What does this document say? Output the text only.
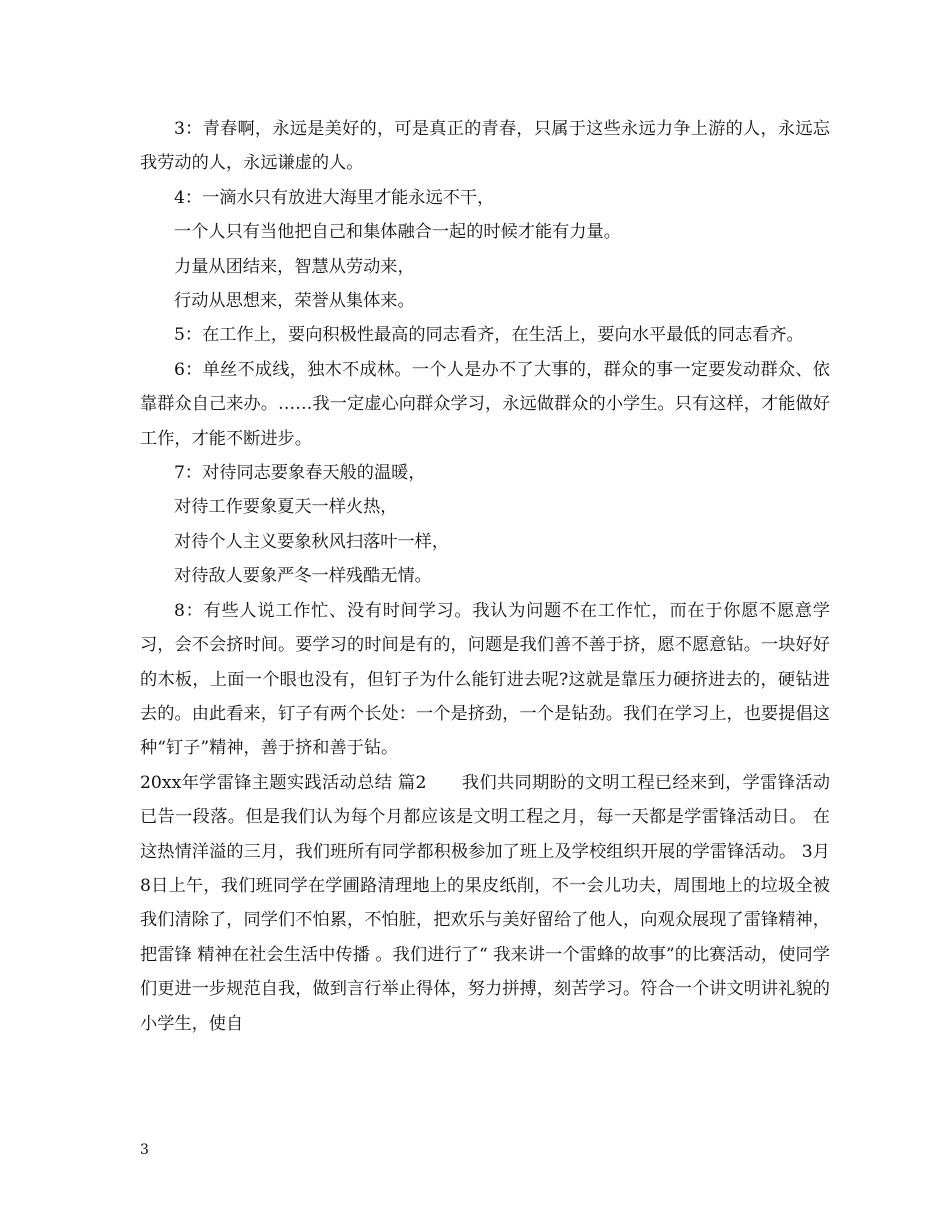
3：青春啊，永远是美好的，可是真正的青春，只属于这些永远力争上游的人，永远忘我劳动的人，永远谦虚的人。

4：一滴水只有放进大海里才能永远不干，

一个人只有当他把自己和集体融合一起的时候才能有力量。

力量从团结来，智慧从劳动来，

行动从思想来，荣誉从集体来。

5：在工作上，要向积极性最高的同志看齐，在生活上，要向水平最低的同志看齐。

6：单丝不成线，独木不成林。一个人是办不了大事的，群众的事一定要发动群众、依靠群众自己来办。……我一定虚心向群众学习，永远做群众的小学生。只有这样，才能做好工作，才能不断进步。

7：对待同志要象春天般的温暖，

对待工作要象夏天一样火热，

对待个人主义要象秋风扫落叶一样，

对待敌人要象严冬一样残酷无情。

8：有些人说工作忙、没有时间学习。我认为问题不在工作忙，而在于你愿不愿意学习，会不会挤时间。要学习的时间是有的，问题是我们善不善于挤，愿不愿意钻。一块好好的木板，上面一个眼也没有，但钉子为什么能钉进去呢?这就是靠压力硬挤进去的，硬钻进去的。由此看来，钉子有两个长处：一个是挤劲，一个是钻劲。我们在学习上，也要提倡这种“钉子”精神，善于挤和善于钻。

20xx年学雷锋主题实践活动总结 篇2　　我们共同期盼的文明工程已经来到，学雷锋活动已告一段落。但是我们认为每个月都应该是文明工程之月，每一天都是学雷锋活动日。 在这热情洋溢的三月，我们班所有同学都积极参加了班上及学校组织开展的学雷锋活动。 3月8日上午，我们班同学在学圃路清理地上的果皮纸削，不一会儿功夫，周围地上的垃圾全被我们清除了，同学们不怕累，不怕脏，把欢乐与美好留给了他人，向观众展现了雷锋精神，把雷锋 精神在社会生活中传播 。我们进行了“ 我来讲一个雷蜂的故事”的比赛活动，使同学们更进一步规范自我，做到言行举止得体，努力拼搏，刻苦学习。符合一个讲文明讲礼貌的小学生，使自

3
